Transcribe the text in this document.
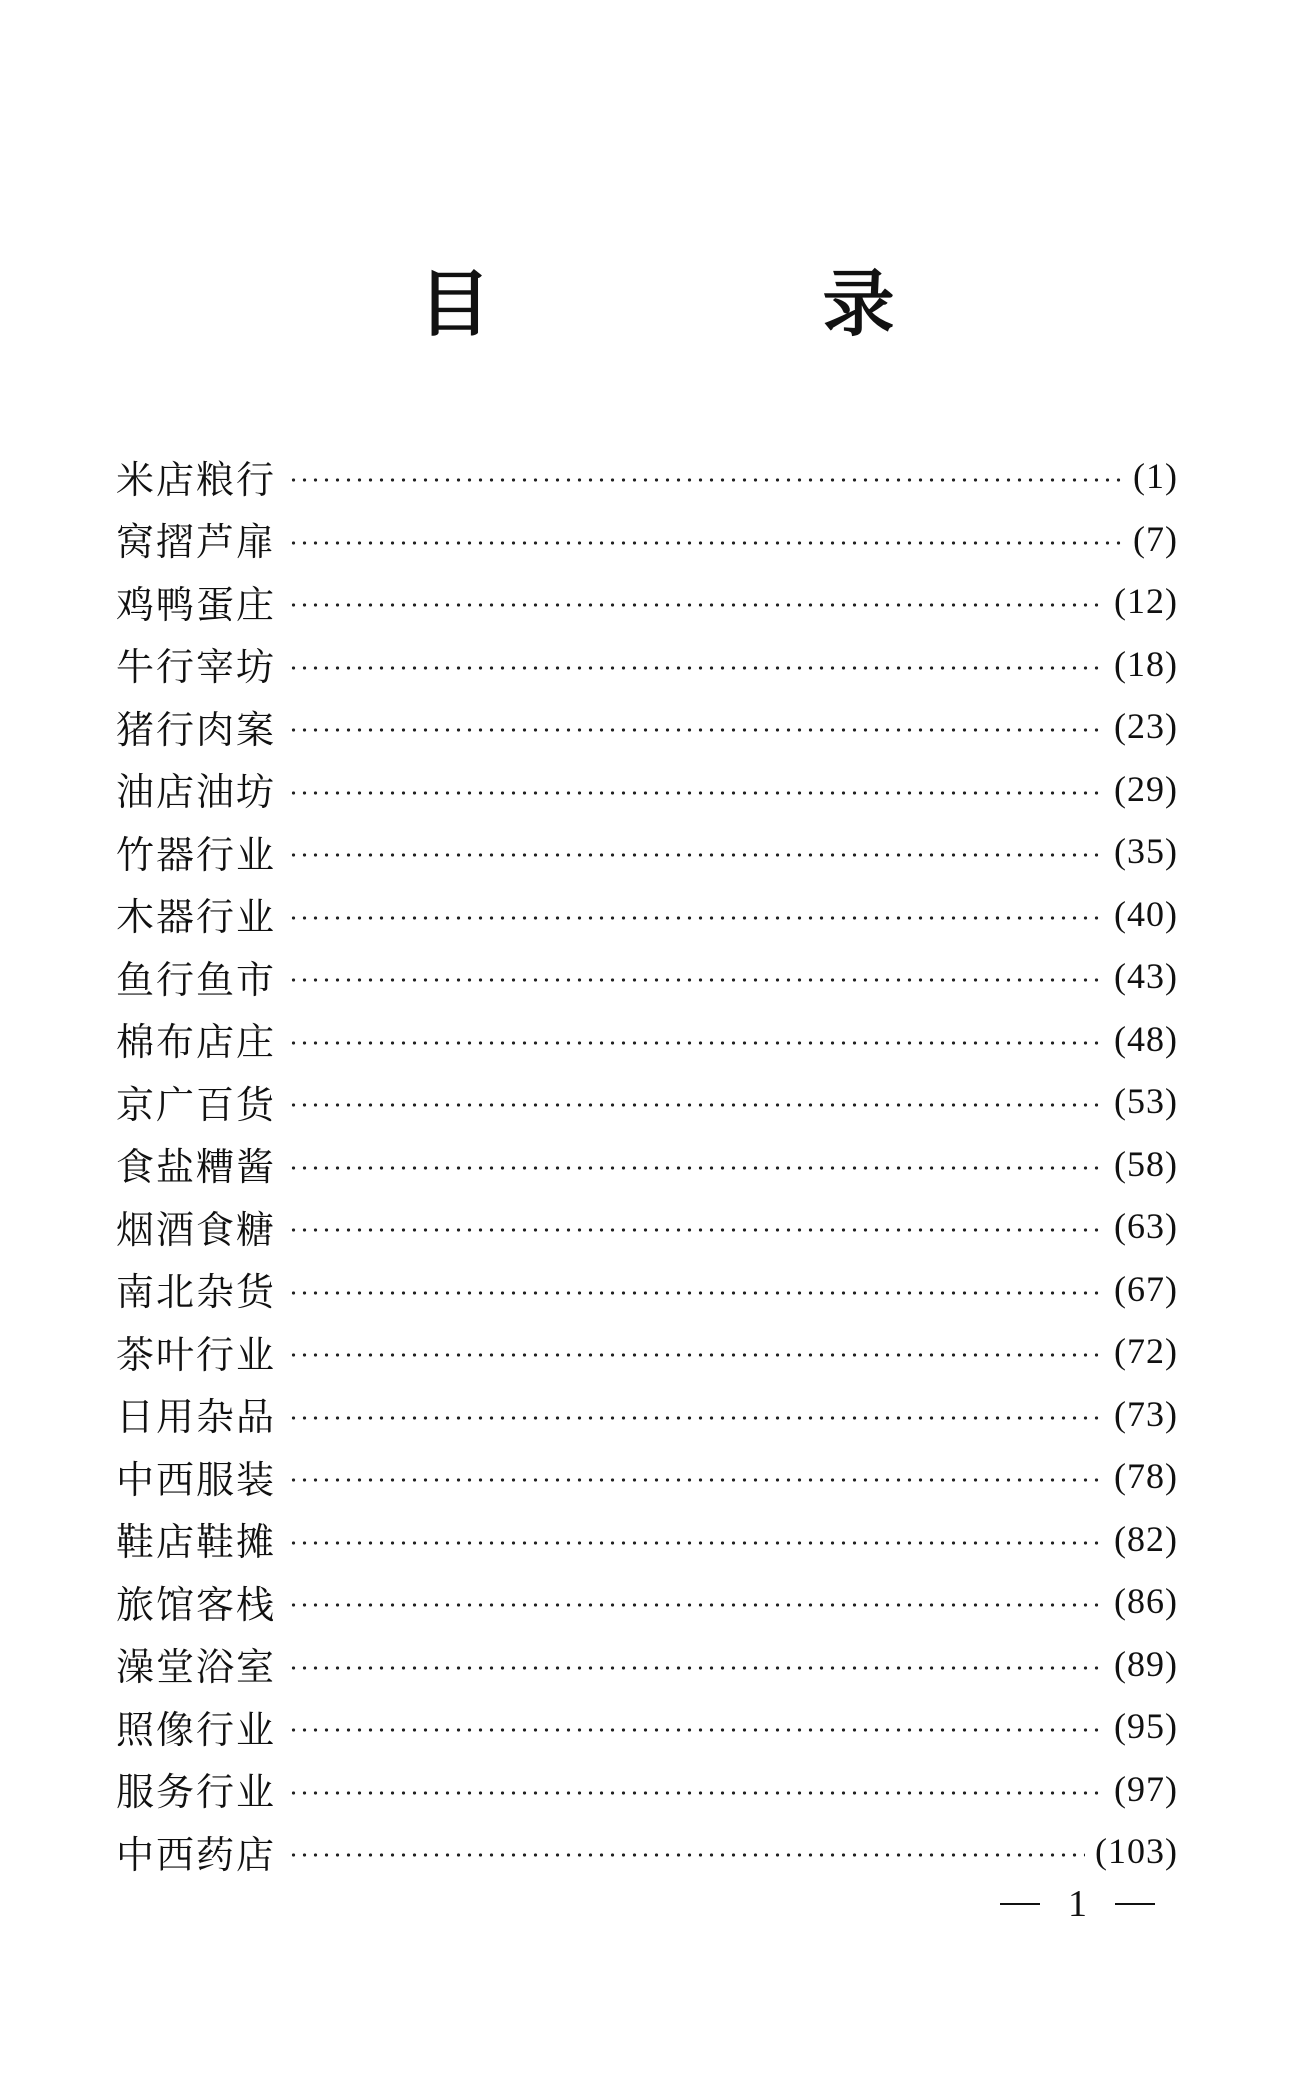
目　录
米店粮行	(1)
窝摺芦扉	(7)
鸡鸭蛋庄	(12)
牛行宰坊	(18)
猪行肉案	(23)
油店油坊	(29)
竹器行业	(35)
木器行业	(40)
鱼行鱼市	(43)
棉布店庄	(48)
京广百货	(53)
食盐糟酱	(58)
烟酒食糖	(63)
南北杂货	(67)
茶叶行业	(72)
日用杂品	(73)
中西服装	(78)
鞋店鞋摊	(82)
旅馆客栈	(86)
澡堂浴室	(89)
照像行业	(95)
服务行业	(97)
中西药店	(103)
1
